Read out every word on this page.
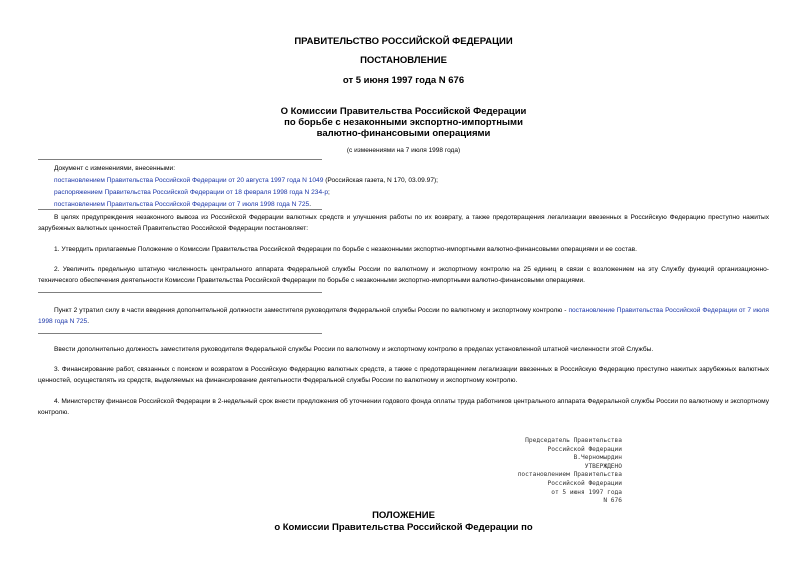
ПРАВИТЕЛЬСТВО РОССИЙСКОЙ ФЕДЕРАЦИИ
ПОСТАНОВЛЕНИЕ
от 5 июня 1997 года N 676
О Комиссии Правительства Российской Федерации
по борьбе с незаконными экспортно-импортными
валютно-финансовыми операциями
(с изменениями на 7 июля 1998 года)
Документ с изменениями, внесенными:
постановлением Правительства Российской Федерации от 20 августа 1997 года N 1049 (Российская газета, N 170, 03.09.97);
распоряжением Правительства Российской Федерации от 18 февраля 1998 года N 234-р;
постановлением Правительства Российской Федерации от 7 июля 1998 года N 725.
В целях предупреждения незаконного вывоза из Российской Федерации валютных средств и улучшения работы по их возврату, а также предотвращения легализации ввезенных в Российскую Федерацию преступно нажитых зарубежных валютных ценностей Правительство Российской Федерации постановляет:
1. Утвердить прилагаемые Положение о Комиссии Правительства Российской Федерации по борьбе с незаконными экспортно-импортными валютно-финансовыми операциями и ее состав.
2. Увеличить предельную штатную численность центрального аппарата Федеральной службы России по валютному и экспортному контролю на 25 единиц в связи с возложением на эту Службу функций организационно-технического обеспечения деятельности Комиссии Правительства Российской Федерации по борьбе с незаконными экспортно-импортными валютно-финансовыми операциями.
Пункт 2 утратил силу в части введения дополнительной должности заместителя руководителя Федеральной службы России по валютному и экспортному контролю - постановление Правительства Российской Федерации от 7 июля 1998 года N 725.
Ввести дополнительно должность заместителя руководителя Федеральной службы России по валютному и экспортному контролю в пределах установленной штатной численности этой Службы.
3. Финансирование работ, связанных с поиском и возвратом в Российскую Федерацию валютных средств, а также с предотвращением легализации ввезенных в Российскую Федерацию преступно нажитых зарубежных валютных ценностей, осуществлять из средств, выделяемых на финансирование деятельности Федеральной службы России по валютному и экспортному контролю.
4. Министерству финансов Российской Федерации в 2-недельный срок внести предложения об уточнении годового фонда оплаты труда работников центрального аппарата Федеральной службы России по валютному и экспортному контролю.
Председатель Правительства
Российской Федерации
В.Черномырдин
УТВЕРЖДЕНО
постановлением Правительства
Российской Федерации
от 5 июня 1997 года
N 676
ПОЛОЖЕНИЕ
о Комиссии Правительства Российской Федерации по
